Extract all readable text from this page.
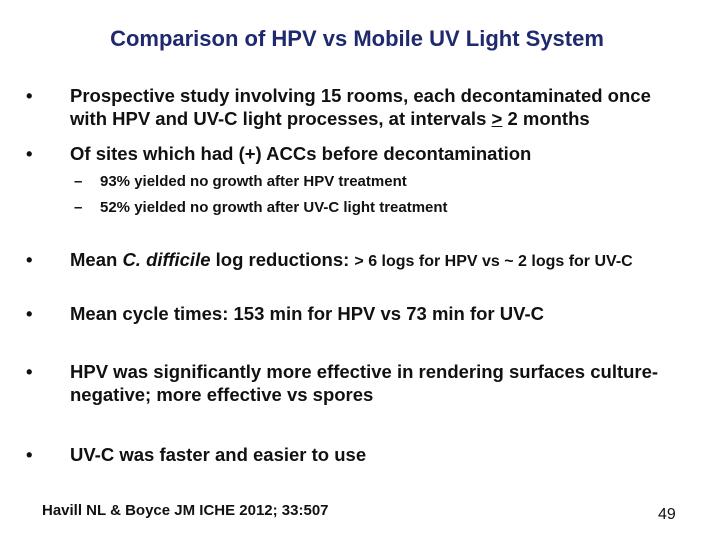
Comparison of HPV vs Mobile UV Light System
•	Prospective study involving 15 rooms, each decontaminated once
with HPV and UV-C light processes, at intervals ≥ 2 months
•	Of sites which had (+) ACCs before decontamination
– 93% yielded no growth after HPV treatment
– 52% yielded no growth after UV-C light treatment
•	Mean C. difficile log reductions: > 6 logs for HPV vs ~ 2 logs for UV-C
•	Mean cycle times: 153 min for HPV vs 73 min for UV-C
•	HPV was significantly more effective in rendering surfaces culture-
negative; more effective vs spores
•	UV-C was faster and easier to use
Havill NL & Boyce JM ICHE 2012; 33:507	49
